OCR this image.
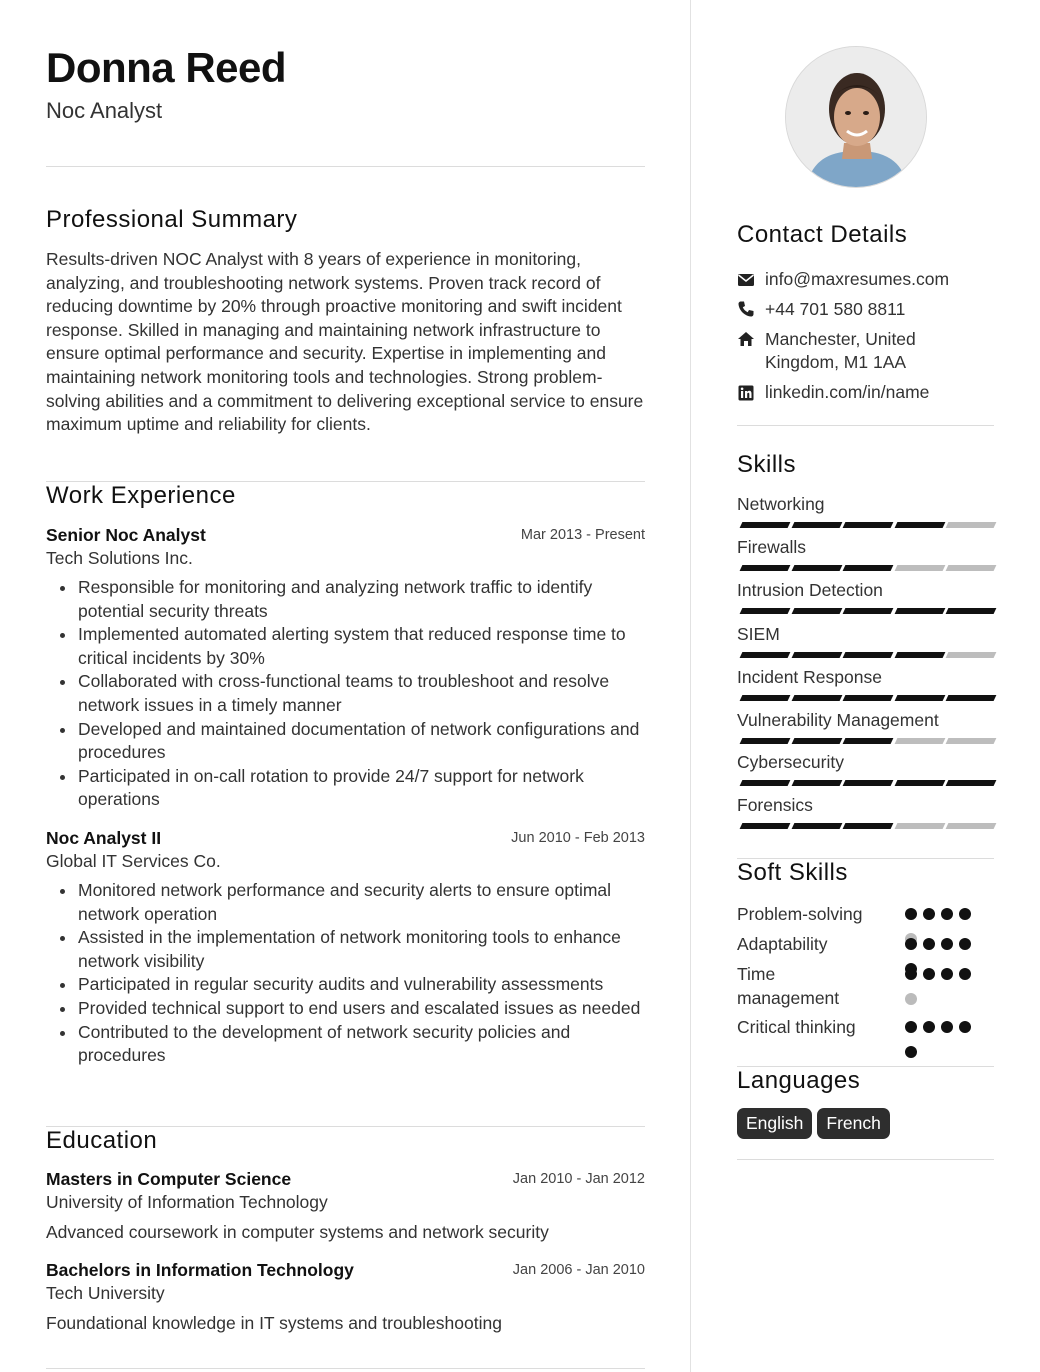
Donna Reed
Noc Analyst
Professional Summary
Results-driven NOC Analyst with 8 years of experience in monitoring, analyzing, and troubleshooting network systems. Proven track record of reducing downtime by 20% through proactive monitoring and swift incident response. Skilled in managing and maintaining network infrastructure to ensure optimal performance and security. Expertise in implementing and maintaining network monitoring tools and technologies. Strong problem-solving abilities and a commitment to delivering exceptional service to ensure maximum uptime and reliability for clients.
Work Experience
Senior Noc Analyst	Mar 2013 - Present
Tech Solutions Inc.
Responsible for monitoring and analyzing network traffic to identify potential security threats
Implemented automated alerting system that reduced response time to critical incidents by 30%
Collaborated with cross-functional teams to troubleshoot and resolve network issues in a timely manner
Developed and maintained documentation of network configurations and procedures
Participated in on-call rotation to provide 24/7 support for network operations
Noc Analyst II	Jun 2010 - Feb 2013
Global IT Services Co.
Monitored network performance and security alerts to ensure optimal network operation
Assisted in the implementation of network monitoring tools to enhance network visibility
Participated in regular security audits and vulnerability assessments
Provided technical support to end users and escalated issues as needed
Contributed to the development of network security policies and procedures
Education
Masters in Computer Science	Jan 2010 - Jan 2012
University of Information Technology
Advanced coursework in computer systems and network security
Bachelors in Information Technology	Jan 2006 - Jan 2010
Tech University
Foundational knowledge in IT systems and troubleshooting
Contact Details
info@maxresumes.com
+44 701 580 8811
Manchester, United
Kingdom, M1 1AA
linkedin.com/in/name
Skills
Networking
Firewalls
Intrusion Detection
SIEM
Incident Response
Vulnerability Management
Cybersecurity
Forensics
Soft Skills
Problem-solving
Adaptability
Time
management
Critical thinking
Languages
English French
